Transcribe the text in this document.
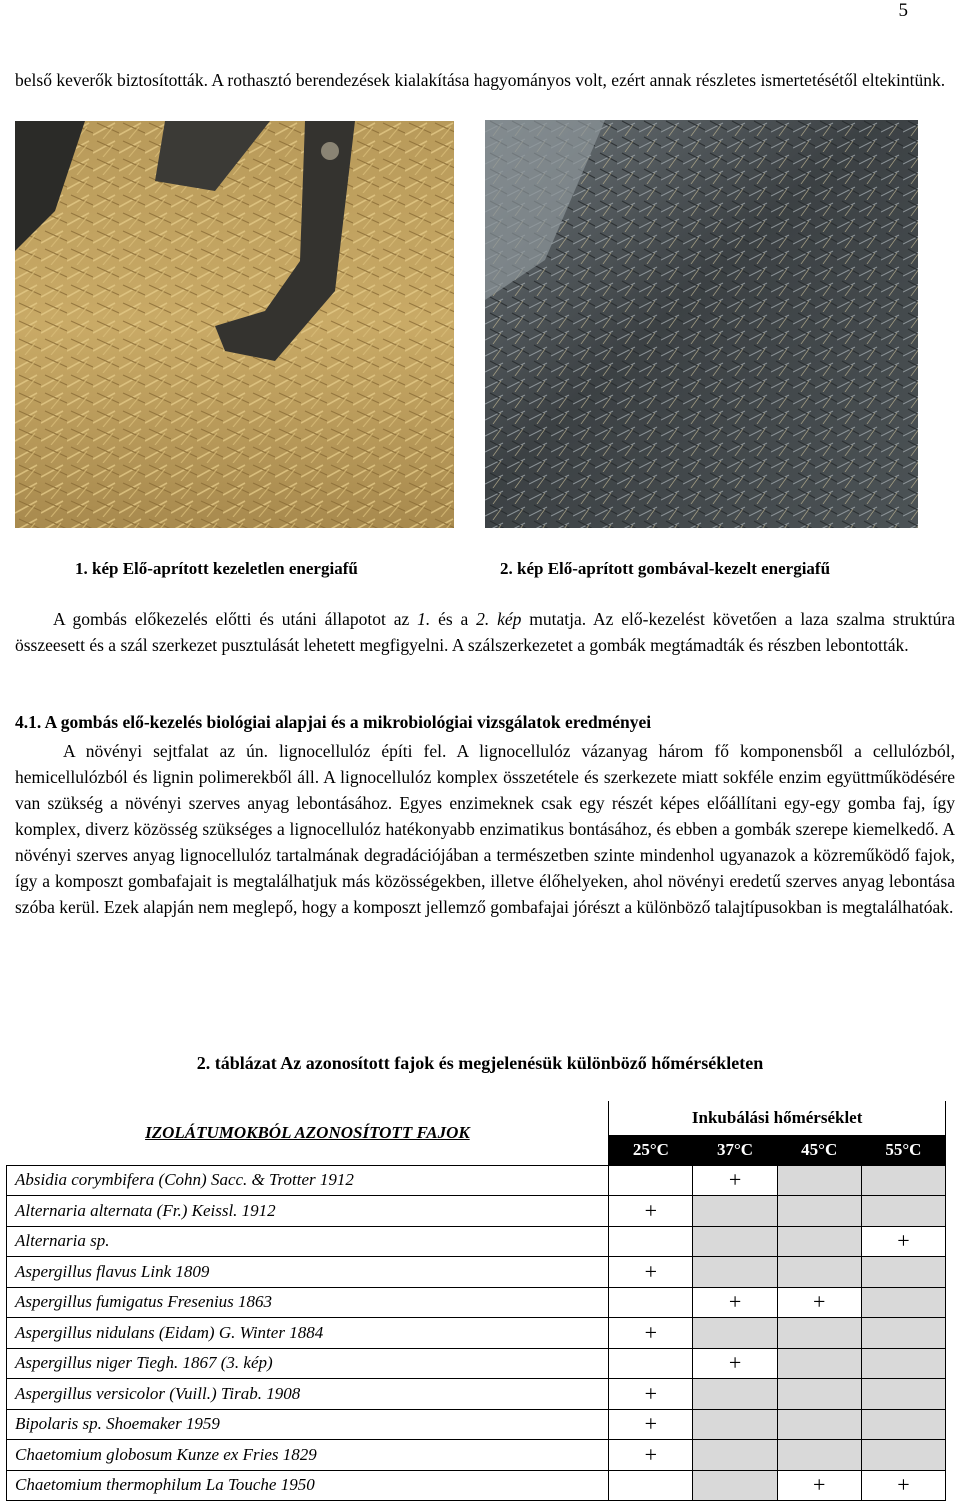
5
belső keverők biztosították. A rothasztó berendezések kialakítása hagyományos volt, ezért annak részletes ismertetésétől eltekintünk.
1. kép Elő-aprított kezeletlen energiafű	2. kép Elő-aprított gombával-kezelt energiafű
A gombás előkezelés előtti és utáni állapotot az 1. és a 2. kép mutatja. Az elő-kezelést követően a laza szalma struktúra összeesett és a szál szerkezet pusztulását lehetett megfigyelni. A szálszerkezetet a gombák megtámadták és részben lebontották.
4.1. A gombás elő-kezelés biológiai alapjai és a mikrobiológiai vizsgálatok eredményei
A növényi sejtfalat az ún. lignocellulóz építi fel. A lignocellulóz vázanyag három fő komponensből a cellulózból, hemicellulózból és lignin polimerekből áll. A lignocellulóz komplex összetétele és szerkezete miatt sokféle enzim együttműködésére van szükség a növényi szerves anyag lebontásához. Egyes enzimeknek csak egy részét képes előállítani egy-egy gomba faj, így komplex, diverz közösség szükséges a lignocellulóz hatékonyabb enzimatikus bontásához, és ebben a gombák szerepe kiemelkedő. A növényi szerves anyag lignocellulóz tartalmának degradációjában a természetben szinte mindenhol ugyanazok a közreműködő fajok, így a komposzt gombafajait is megtalálhatjuk más közösségekben, illetve élőhelyeken, ahol növényi eredetű szerves anyag lebontása szóba kerül. Ezek alapján nem meglepő, hogy a komposzt jellemző gombafajai jórészt a különböző talajtípusokban is megtalálhatóak.
2. táblázat Az azonosított fajok és megjelenésük különböző hőmérsékleten
IZOLÁTUMOKBÓL AZONOSÍTOTT FAJOK	Inkubálási hőmérséklet			
	25°C	37°C	45°C	55°C
Absidia corymbifera (Cohn) Sacc. & Trotter 1912		+		
Alternaria alternata (Fr.) Keissl. 1912	+			
Alternaria sp.				+
Aspergillus flavus Link 1809	+			
Aspergillus fumigatus Fresenius 1863		+	+	
Aspergillus nidulans (Eidam) G. Winter 1884	+			
Aspergillus niger Tiegh. 1867 (3. kép)		+		
Aspergillus versicolor (Vuill.) Tirab. 1908	+			
Bipolaris sp. Shoemaker 1959	+			
Chaetomium globosum Kunze ex Fries 1829	+			
Chaetomium thermophilum La Touche 1950			+	+
